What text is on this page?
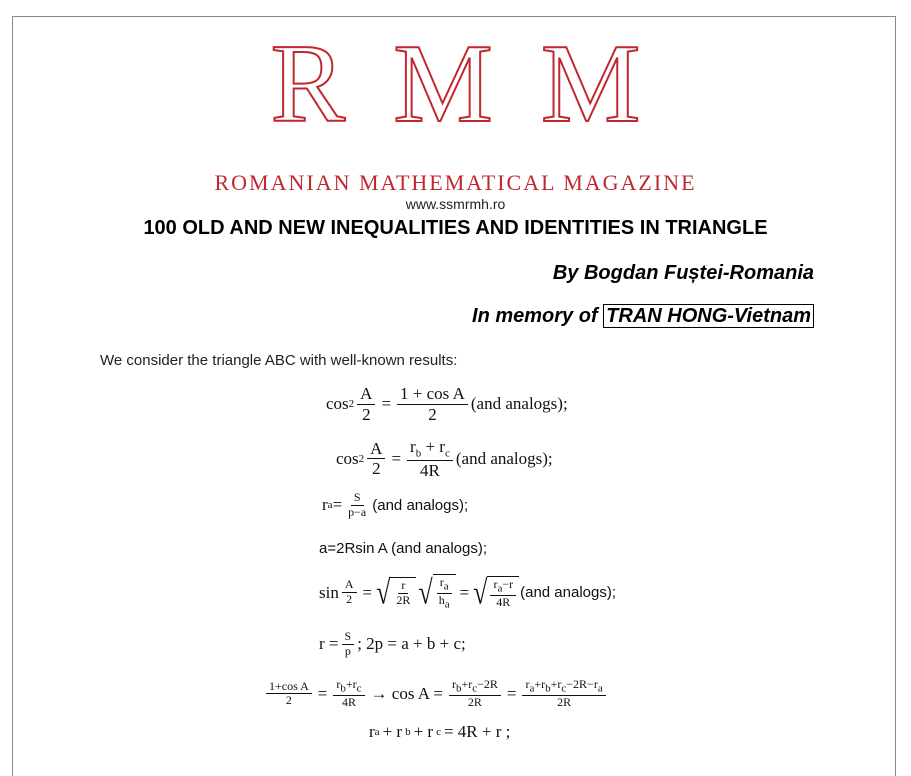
R M M
ROMANIAN MATHEMATICAL MAGAZINE
www.ssmrmh.ro
100 OLD AND NEW INEQUALITIES AND IDENTITIES IN TRIANGLE
By Bogdan Fuștei-Romania
In memory of TRAN HONG-Vietnam
We consider the triangle ABC with well-known results:
$\cos 2 \frac{A}{2} = \frac{\text{1 + cos A}}{2} (and$ analogs);
$\cos 2 \frac{A}{2} = \frac{r_b + r_c}{4R} (and$ analogs);
r $a = \frac{S}{p-a} (and$ analogs);
a=2Rsin A (and analogs);
$\sin \frac{A}{2}$ = √ $\frac{r}{2R}$ √ $\frac{ra}{ha}$ = √ $\frac{ra-r}{4R} (and$ analogs);
$r = \frac{S}{p}$ ; 2p = a + b + c;
$\frac{\text{1+cos A}}{2} = \frac{rb+rc}{4R} \to \cos A = \frac{rb+rc-2R}{2R} = \frac{ra+rb+rc-2R-ra}{2R}$
r a + r b + r c = 4R + r ;
